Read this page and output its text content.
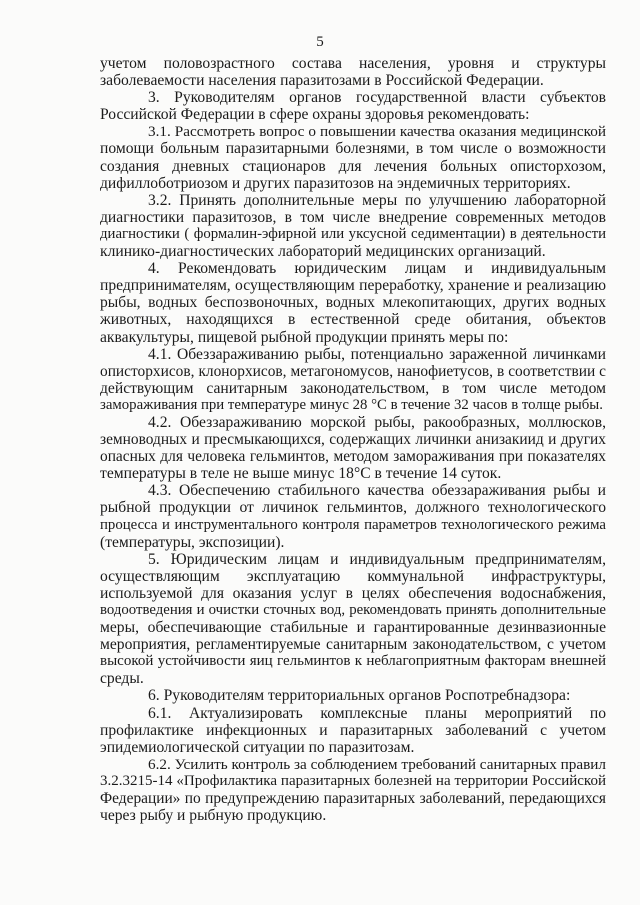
5
учетом половозрастного состава населения, уровня и структуры
заболеваемости населения паразитозами в Российской Федерации.
3. Руководителям органов государственной власти субъектов
Российской Федерации в сфере охраны здоровья рекомендовать:
3.1. Рассмотреть вопрос о повышении качества оказания медицинской
помощи больным паразитарными болезнями, в том числе о возможности
создания дневных стационаров для лечения больных описторхозом,
дифиллоботриозом и других паразитозов на эндемичных территориях.
3.2. Принять дополнительные меры по улучшению лабораторной
диагностики паразитозов, в том числе внедрение современных методов
диагностики ( формалин-эфирной или уксусной седиментации) в деятельности
клинико-диагностических лабораторий медицинских организаций.
4. Рекомендовать юридическим лицам и индивидуальным
предпринимателям, осуществляющим переработку, хранение и реализацию
рыбы, водных беспозвоночных, водных млекопитающих, других водных
животных, находящихся в естественной среде обитания, объектов
аквакультуры, пищевой рыбной продукции принять меры по:
4.1. Обеззараживанию рыбы, потенциально зараженной личинками
описторхисов, клонорхисов, метагономусов, нанофиетусов, в соответствии с
действующим санитарным законодательством, в том числе методом
замораживания при температуре минус 28 °С в течение 32 часов в толще рыбы.
4.2. Обеззараживанию морской рыбы, ракообразных, моллюсков,
земноводных и пресмыкающихся, содержащих личинки анизакиид и других
опасных для человека гельминтов, методом замораживания при показателях
температуры в теле не выше минус 18°С в течение 14 суток.
4.3. Обеспечению стабильного качества обеззараживания рыбы и
рыбной продукции от личинок гельминтов, должного технологического
процесса и инструментального контроля параметров технологического режима
(температуры, экспозиции).
5. Юридическим лицам и индивидуальным предпринимателям,
осуществляющим эксплуатацию коммунальной инфраструктуры,
используемой для оказания услуг в целях обеспечения водоснабжения,
водоотведения и очистки сточных вод, рекомендовать принять дополнительные
меры, обеспечивающие стабильные и гарантированные дезинвазионные
мероприятия, регламентируемые санитарным законодательством, с учетом
высокой устойчивости яиц гельминтов к неблагоприятным факторам внешней
среды.
6. Руководителям территориальных органов Роспотребнадзора:
6.1. Актуализировать комплексные планы мероприятий по
профилактике инфекционных и паразитарных заболеваний с учетом
эпидемиологической ситуации по паразитозам.
6.2. Усилить контроль за соблюдением требований санитарных правил
3.2.3215-14 «Профилактика паразитарных болезней на территории Российской
Федерации» по предупреждению паразитарных заболеваний, передающихся
через рыбу и рыбную продукцию.
